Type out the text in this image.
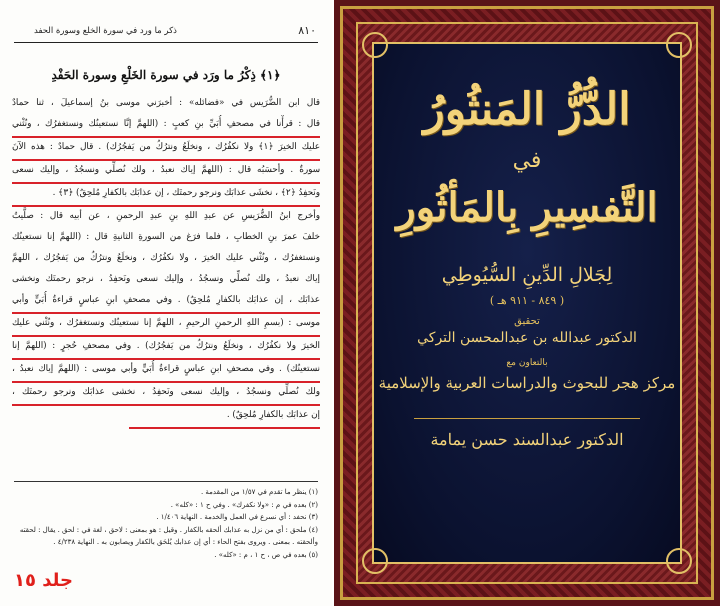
٨١٠
ذكر ما ورد في سورة الخلع وسورة الحفد
﴿١﴾ ذِكْرُ ما ورَد في سورة الخَلْعِ وسورة الحَفْدِ
قال ابن الضُّرَيس في «فضائله» : أخبرَني موسى بنُ إسماعيلَ ، ثنا حمادٌ
قال : قرأْنا في مصحفِ أُبَيِّ بنِ كعبٍ : (اللهمَّ إنَّا نستعينُك ونستغفرُك ، ونُثْني
عليك الخيرَ ﴿١﴾ ولا نكفُرُك ، ونخلَعُ ونترُكُ من يَفجُرُك) . قال حمادٌ : هذه الآنَ
سورةٌ . وأحسَبُه قال : (اللهمَّ إياك نعبدُ ، ولك نُصلِّي ونسجُدُ ، وإليك نسعى
ونَحفِدُ ﴿٢﴾ ، نخشَى عذابَك ونرجو رحمتَك ، إن عذابَك بالكفارِ مُلحِقٌ) ﴿٣﴾ .
وأخرج ابنُ الضُّرَيسِ عن عبدِ اللهِ بنِ عبدِ الرحمنِ ، عن أبيه قال : صلَّيتُ
خلفَ عمرَ بنِ الخطابِ ، فلما فرَغ من السورةِ الثانيةِ قال : (اللهمَّ إنا نستعينُك
ونستغفرُك ، ونُثْني عليك الخيرَ ، ولا نكفُرُك ، ونخلَعُ ونترُكُ من يَفجُرُك ، اللهمَّ
إياك نعبدُ ، ولك نُصلِّي ونسجُدُ ، وإليك نسعى ونَحفِدُ ، نرجو رحمتَك ونخشى
عذابَك ، إن عذابَك بالكفارِ مُلحِقٌ) . وفي مصحفِ ابنِ عباسٍ قراءةُ أُبَيٍّ وأبي
موسى : (بسمِ اللهِ الرحمنِ الرحيمِ ، اللهمَّ إنا نستعينُك ونستغفرُك ، ونُثْني عليك
الخيرَ ولا نكفُرُك ، ونخلَعُ ونترُكُ من يَفجُرُك) . وفي مصحفِ حُجرٍ : (اللهمَّ إنا
نستعينُك) . وفي مصحفِ ابنِ عباسٍ قراءةُ أُبَيٍّ وأبي موسى : (اللهمَّ إياك نعبدُ ،
ولك نُصلِّي ونسجُدُ ، وإليك نسعى ونَحفِدُ ، نخشى عذابَك ونرجو رحمتَك ،
إن عذابَك بالكفارِ مُلحِقٌ) .
(١) ينظر ما تقدم في ١/٥٧ من المقدمة .
(٢) بعده في م : «ولا نكفرك» . وفي ح ١ : «كله» .
(٣) نحفد : أي نسرع في العمل والخدمة . النهاية ١/٤٠٦ .
(٤) ملحق : أي من نزل به عذابك ألحقه بالكفار . وقيل : هو بمعنى : لاحق ، لغة في : لحق . يقال : لحقته
وألحقته . بمعنى . ويروى بفتح الحاء : أي إن عذابك يُلحَق بالكفار ويصابون به . النهاية ٤/٢٣٨ .
(٥) بعده في ص ، ح ١ ، م : «كله» .
جلد ١٥
الدُّرُّ المَنثُورُ
في
التَّفسِيرِ بِالمَأثُورِ
لِجَلالِ الدِّينِ السُّيُوطِي
( ٨٤٩ - ٩١١ هـ )
تحقيق
الدكتور عبدالله بن عبدالمحسن التركي
بالتعاون مع
مركز هجر للبحوث والدراسات العربية والإسلامية
الدكتور عبدالسند حسن يمامة
